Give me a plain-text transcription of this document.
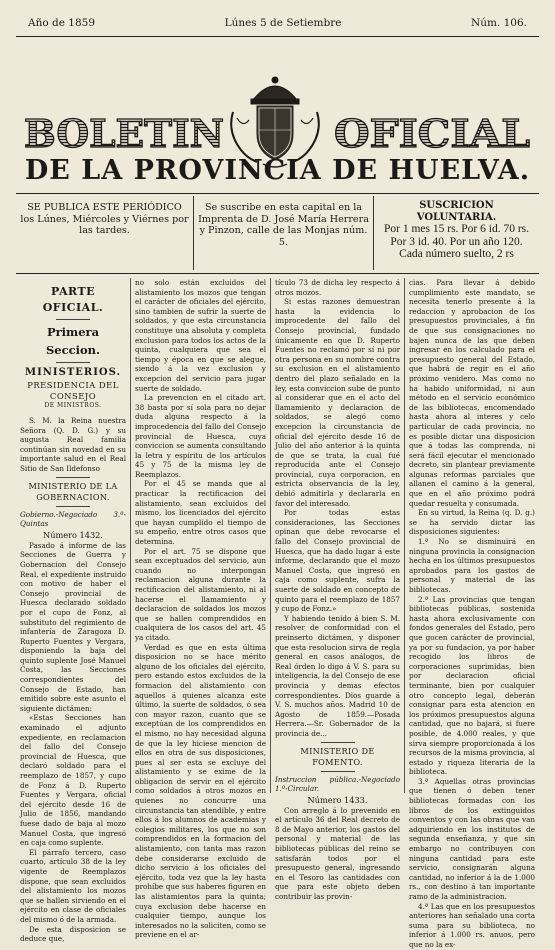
Año de 1859	Lúnes 5 de Setiembre	Núm. 106.
BOLETIN	OFICIAL
DE LA PROVINCIA DE HUELVA.
SE PUBLICA ESTE PERIÓDICO los Lúnes, Miércoles y Viérnes por las tardes.
Se suscribe en esta capital en la Imprenta de D. José María Herrera y Pinzon, calle de las Monjas núm. 5.
SUSCRICION VOLUNTARIA.
Por 1 mes 15 rs. Por 6 id. 70 rs.
Por 3 id. 40. Por un año 120.
Cada número suelto, 2 rs

PARTE OFICIAL.

Primera Seccion.

MINISTERIOS.

PRESIDENCIA DEL CONSEJO

DE MINISTROS.

S. M. la Reina nuestra Señora (Q. D. G.) y su augusta Real familia continúan sin novedad en su importante salud en el Real Sitio de San Ildefonso

MINISTERIO DE LA GOBERNACION.

Gobierno.-Negociado 3.º-Quintas

Número 1432.

Pasado á informe de las Secciones de Guerra y Gobernacion del Consejo Real, el expediente instruido con motivo de haber el Consejo provincial de Huesca declarado soldado por el cupo de Fonz, al substituto del regimiento de infantería de Zaragoza D. Ruperto Fuentes y Vergara, disponiendo la baja del quinto suplente José Manuel Costa, las Secciones correspondientes del Consejo de Estado, han emitido sobre este asunto el siguiente dictámen:

«Estas Secciones han examinado el adjunto expediente, en reclamacion del fallo del Consejo provincial de Huesca, que declaró soldado para el reemplazo de 1857, y cupo de Fonz á D. Ruperto Fuentes y Vergara, oficial del ejército desde 16 de Julio de 1856, mandando fuese dado de baja al mozo Manuel Costa, que ingresó en caja como suplente.

El párrafo tercero, caso cuarto, artículo 38 de la ley vigente de Reemplazos dispone, que sean excluidos del alistamiento los mozos que se hallen sirviendo en el ejército en clase de oficiales del mismo ó de la armada.

De esta disposicion se deduce que,

no solo están excluidos del alistamiento los mozos que tengan el carácter de oficiales del ejército, sino tambien de sufrir la suerte de soldados, y que esta circunstancia constituye una absoluta y completa exclusion para todos los actos de la quinta, cualquiera que sea el tiempo y época en que se alegue, siendo á la vez exclusion y excepcion del servicio para jugar suerte de soldado.

La prevencion en el citado art. 38 basta por sí sola para no dejar duda alguna respecto á la improcedencia del fallo del Consejo provincial de Huesca, cuya conviccion se aumenta consultando la letra y espíritu de los artículos 45 y 75 de la misma ley de Reemplazos.

Por el 45 se manda que al practicar la rectificacion del alistamiento, sean excluidos del mismo, los licenciados del ejército que hayan cumplido el tiempo de su empeño, entre otros casos que determina.

Por el art. 75 se dispone que sean exceptuados del servicio, aun cuando no interpongan reclamacion alguna durante la rectificacion del alistamiento, ni al hacerse el llamamiento y declaracion de soldados los mozos que se hallen comprendidos en cualquiera de los casos del art. 45 ya citado.

Verdad es que en esta última disposicion no se hace mérito alguno de los oficiales del ejército, pero estando estos excluidos de la formacion del alistamiento con aquellos á quienes alcanza este último, la suerte de soldados, ó sea con mayor razon, cuanto que se exceptúan de los comprendidos en el mismo, no hay necesidad alguna de que la ley hiciese mencion de ellos en otra de sus disposiciones, pues al ser esta se excluye del alistamiento y se exime de la obligacion de servir en el ejército como soldados á otros mozos en quienes no concurre una circunstancia tan atendible, y entre ellos á los alumnos de academias y colegios militares, los que no son comprendidos en la formacion del alistamiento, con tanta mas razon debe considerarse excluido de dicho servicio á los oficiales del ejército, toda vez que la ley hasta prohíbe que sus haberes figuren en las alistamientos para la quinta; cuya exclusion debe hacerse en cualquier tiempo, aunque los interesados no la soliciten, como se previene en el ar-

tículo 73 de dicha ley respecto á otros mozos.

Si estas razones demuestran hasta la evidencia lo improcedente del fallo del Consejo provincial, fundado únicamente en que D. Ruperto Fuentes no reclamó por sí ni por otra persona en su nombre contra su exclusion en el alistamiento dentro del plazo señalado en la ley, esta conviccion sube de punto al considerar que en el acto del llamamiento y declaracion de soldados, se alegó como excepcion la circunstancia de oficial del ejército desde 16 de Julio del año anterior á la quinta de que se trata, la cual fué reproducida ante el Consejo provincial, cuya corporacion, en estricta observancia de la ley, debió admitirla y declararla en favor del interesado.

Por todas estas consideraciones, las Secciones opinan que debe revocarse el fallo del Consejo provincial de Huesca, que ha dado lugar á este informe, declarando que el mozo Manuel Costa, que ingresó en caja como suplente, sufra la suerte de soldado en concepto de quinto para el reemplazo de 1857 y cupo de Fonz.»

Y habiendo tenido á bien S. M. resolver de conformidad con el preinserto dictámen, y disponer que esta resolucion sirva de regla general en casos análogos, de Real órden lo digo á V. S. para su inteligencia, la del Consejo de ese provincia y demas efectos correspondientes. Dios guarde á V. S. muchos años. Madrid 10 de Agosto de 1859.—Posada Herrera.—Sr. Gobernador de la provincia de...

MINISTERIO DE FOMENTO.

Instruccion pública.-Negociado 1.º-Circular.

Número 1433.

Con arreglo á lo prevenido en el artículo 36 del Real decreto de 8 de Mayo anterior, los gastos del personal y material de las bibliotecas públicas del reino se satisfarán todos por el presupuesto general, ingresando en el Tesoro las cantidades con que para este objeto deben contribuir las provin-

cias. Para llevar á debido cumplimiento este mandato, se necesita tenerlo presente á la redaccion y aprobacion de los presupuestos provinciales, á fin de que sus consignaciones no bajen nunca de las que deben ingresar en los calculado para el presupuesto general del Estado, que habrá de regir en el año próximo venidero. Mas como no ha habido uniformidad, ni aun método en el servicio económico de las bibliotecas, encomendado hasta ahora al interes y celo particular de cada provincia, no es posible dictar una disposicion que á todas las comprenda, ni será fácil ejecutar el mencionado decreto, sin plantear previamente algunas reformas parciales que allanen el camino á la general, que en el año próximo podrá quedar resuelta y consumada.

En su virtud, la Reina (q. D. g.) se ha servido dictar las disposiciones siguientes:

1.ª No se disminuirá en ninguna provincia la consignacion hecha en los últimos presupuestos aprobados para los gastos de personal y material de las bibliotecas.

2.ª Las provincias que tengan bibliotecas públicas, sostenida hasta ahora exclusivamente con fondos generales del Estado, pero que gocen carácter de provincial, ya por su fundacion, ya por haber recogido los libros de corporaciones suprimidas, bien por declaracion oficial terminante, bien por cualquier otro concepto legal, deberán consignar para esta atencion en los próximos presupuestos alguna cantidad, que no bajará, si fuere posible, de 4.000 reales, y que sirva siempre proporcionada á los recursos de la misma provincia, al estado y riqueza literaria de la biblioteca.

3.ª Aquellas otras provincias que tienen ó deben tener bibliotecas formadas con los libros de los extinguidos conventos y con las obras que van adquiriendo en los institutos de segunda enseñanza, y que sin embargo no contribuyen con ninguna cantidad para este servicio, consignarán alguna cantidad, no inferior á la de 1.000 rs., con destino á tan importante ramo de la administracion.

4.ª Las que en los presupuestos anteriores han señalado una corta suma para su biblioteca, no inferior á 1.000 rs. anuos, pero que no la ex-
